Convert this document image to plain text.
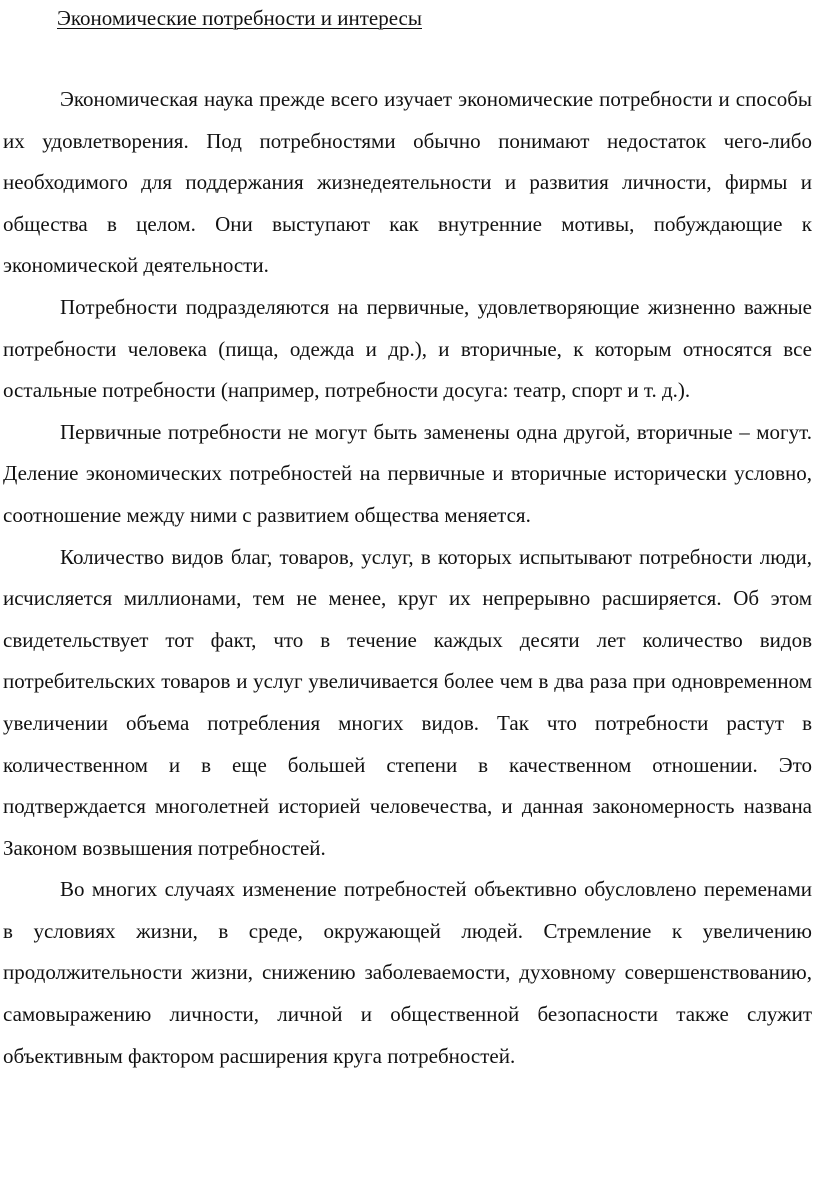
Экономические потребности и интересы

Экономическая наука прежде всего изучает экономические потребности и способы их удовлетворения. Под потребностями обычно понимают недостаток чего-либо необходимого для поддержания жизнедеятельности и развития личности, фирмы и общества в целом. Они выступают как внутренние мотивы, побуждающие к экономической деятельности.

Потребности подразделяются на первичные, удовлетворяющие жизненно важные потребности человека (пища, одежда и др.), и вторичные, к которым относятся все остальные потребности (например, потребности досуга: театр, спорт и т. д.).

Первичные потребности не могут быть заменены одна другой, вторичные – могут. Деление экономических потребностей на первичные и вторичные исторически условно, соотношение между ними с развитием общества меняется.

Количество видов благ, товаров, услуг, в которых испытывают потребности люди, исчисляется миллионами, тем не менее, круг их непрерывно расширяется. Об этом свидетельствует тот факт, что в течение каждых десяти лет количество видов потребительских товаров и услуг увеличивается более чем в два раза при одновременном увеличении объема потребления многих видов. Так что потребности растут в количественном и в еще большей степени в качественном отношении. Это подтверждается многолетней историей человечества, и данная закономерность названа Законом возвышения потребностей.

Во многих случаях изменение потребностей объективно обусловлено переменами в условиях жизни, в среде, окружающей людей. Стремление к увеличению продолжительности жизни, снижению заболеваемости, духовному совершенствованию, самовыражению личности, личной и общественной безопасности также служит объективным фактором расширения круга потребностей.
